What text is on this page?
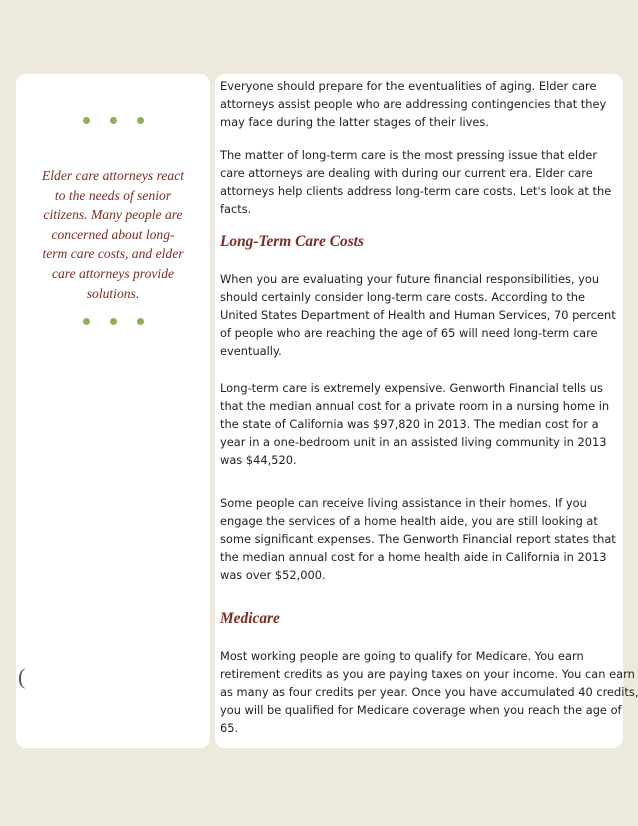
Elder care attorneys react
to the needs of senior
citizens. Many people are
concerned about long-
term care costs, and elder
care attorneys provide
solutions.
(
Everyone should prepare for the eventualities of aging. Elder care
attorneys assist people who are addressing contingencies that they
may face during the latter stages of their lives.
The matter of long-term care is the most pressing issue that elder
care attorneys are dealing with during our current era. Elder care
attorneys help clients address long-term care costs. Let's look at the
facts.
Long-Term Care Costs
When you are evaluating your future financial responsibilities, you
should certainly consider long-term care costs. According to the
United States Department of Health and Human Services, 70 percent
of people who are reaching the age of 65 will need long-term care
eventually.
Long-term care is extremely expensive. Genworth Financial tells us
that the median annual cost for a private room in a nursing home in
the state of California was $97,820 in 2013. The median cost for a
year in a one-bedroom unit in an assisted living community in 2013
was $44,520.
Some people can receive living assistance in their homes. If you
engage the services of a home health aide, you are still looking at
some significant expenses. The Genworth Financial report states that
the median annual cost for a home health aide in California in 2013
was over $52,000.
Medicare
Most working people are going to qualify for Medicare. You earn
retirement credits as you are paying taxes on your income. You can earn
as many as four credits per year. Once you have accumulated 40 credits,
you will be qualified for Medicare coverage when you reach the age of
65.
